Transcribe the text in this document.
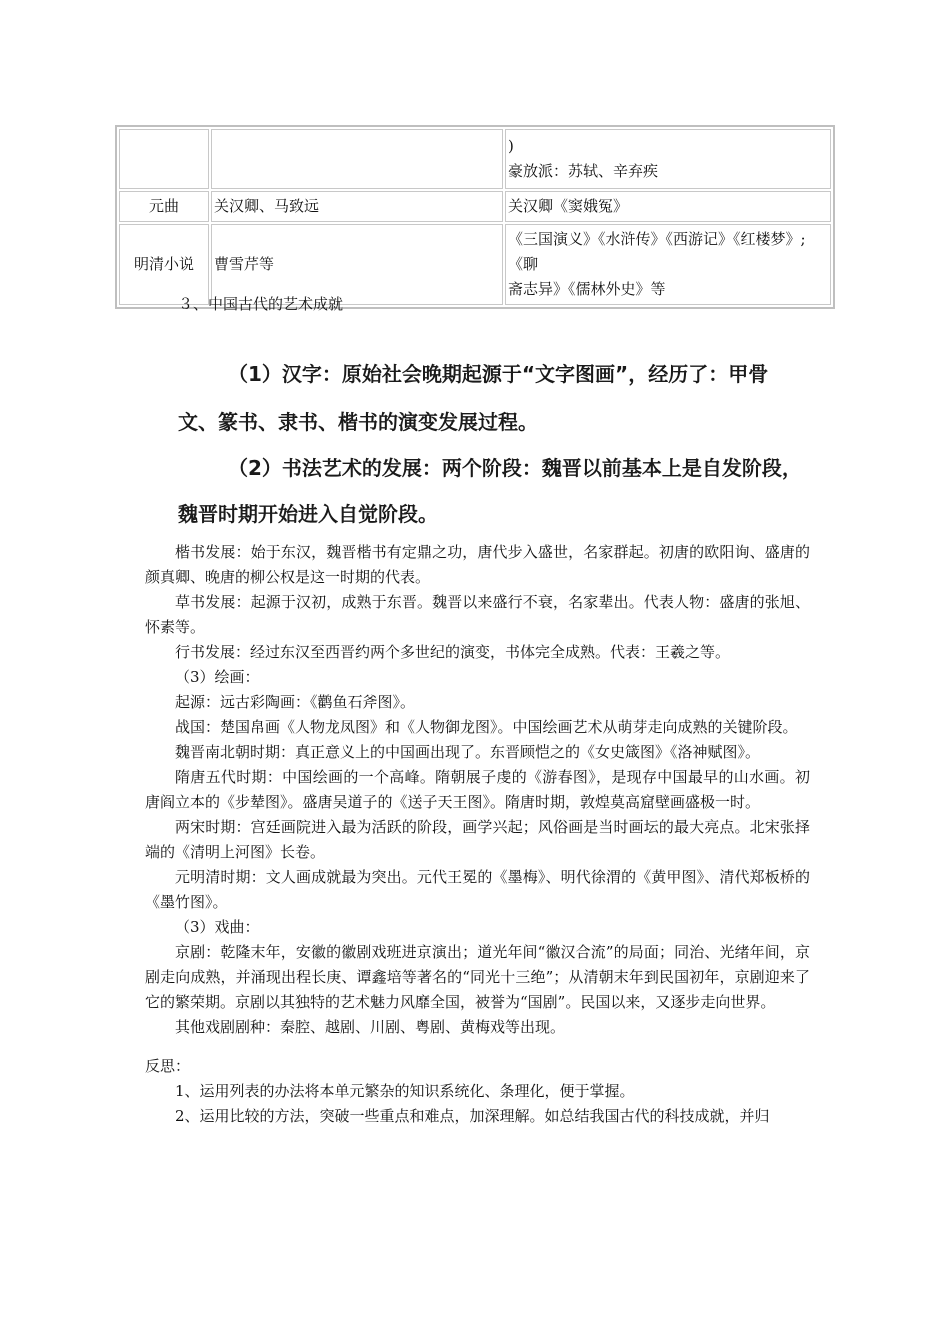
		)
豪放派：苏轼、辛弃疾

元曲	关汉卿、马致远	关汉卿《窦娥冤》

明清小说	曹雪芹等	《三国演义》《水浒传》《西游记》《红楼梦》;《聊
斋志异》《儒林外史》等
３、中国古代的艺术成就
（1）汉字：原始社会晚期起源于“文字图画”，经历了：甲骨
文、篆书、隶书、楷书的演变发展过程。
（2）书法艺术的发展：两个阶段：魏晋以前基本上是自发阶段，
魏晋时期开始进入自觉阶段。

楷书发展：始于东汉，魏晋楷书有定鼎之功，唐代步入盛世，名家群起。初唐的欧阳询、盛唐的颜真卿、晚唐的柳公权是这一时期的代表。

草书发展：起源于汉初，成熟于东晋。魏晋以来盛行不衰，名家辈出。代表人物：盛唐的张旭、怀素等。

行书发展：经过东汉至西晋约两个多世纪的演变，书体完全成熟。代表：王羲之等。

（3）绘画：

起源：远古彩陶画：《鹳鱼石斧图》。

战国：楚国帛画《人物龙凤图》和《人物御龙图》。中国绘画艺术从萌芽走向成熟的关键阶段。

魏晋南北朝时期：真正意义上的中国画出现了。东晋顾恺之的《女史箴图》《洛神赋图》。

隋唐五代时期：中国绘画的一个高峰。隋朝展子虔的《游春图》，是现存中国最早的山水画。初唐阎立本的《步辇图》。盛唐吴道子的《送子天王图》。隋唐时期，敦煌莫高窟壁画盛极一时。

两宋时期：宫廷画院进入最为活跃的阶段，画学兴起；风俗画是当时画坛的最大亮点。北宋张择端的《清明上河图》长卷。

元明清时期：文人画成就最为突出。元代王冕的《墨梅》、明代徐渭的《黄甲图》、清代郑板桥的《墨竹图》。

（3）戏曲：

京剧：乾隆末年，安徽的徽剧戏班进京演出；道光年间“徽汉合流”的局面；同治、光绪年间，京剧走向成熟，并涌现出程长庚、谭鑫培等著名的“同光十三绝”；从清朝末年到民国初年，京剧迎来了它的繁荣期。京剧以其独特的艺术魅力风靡全国，被誉为“国剧”。民国以来，又逐步走向世界。

其他戏剧剧种：秦腔、越剧、川剧、粤剧、黄梅戏等出现。

反思：

1、运用列表的办法将本单元繁杂的知识系统化、条理化，便于掌握。

2、运用比较的方法，突破一些重点和难点，加深理解。如总结我国古代的科技成就，并归
